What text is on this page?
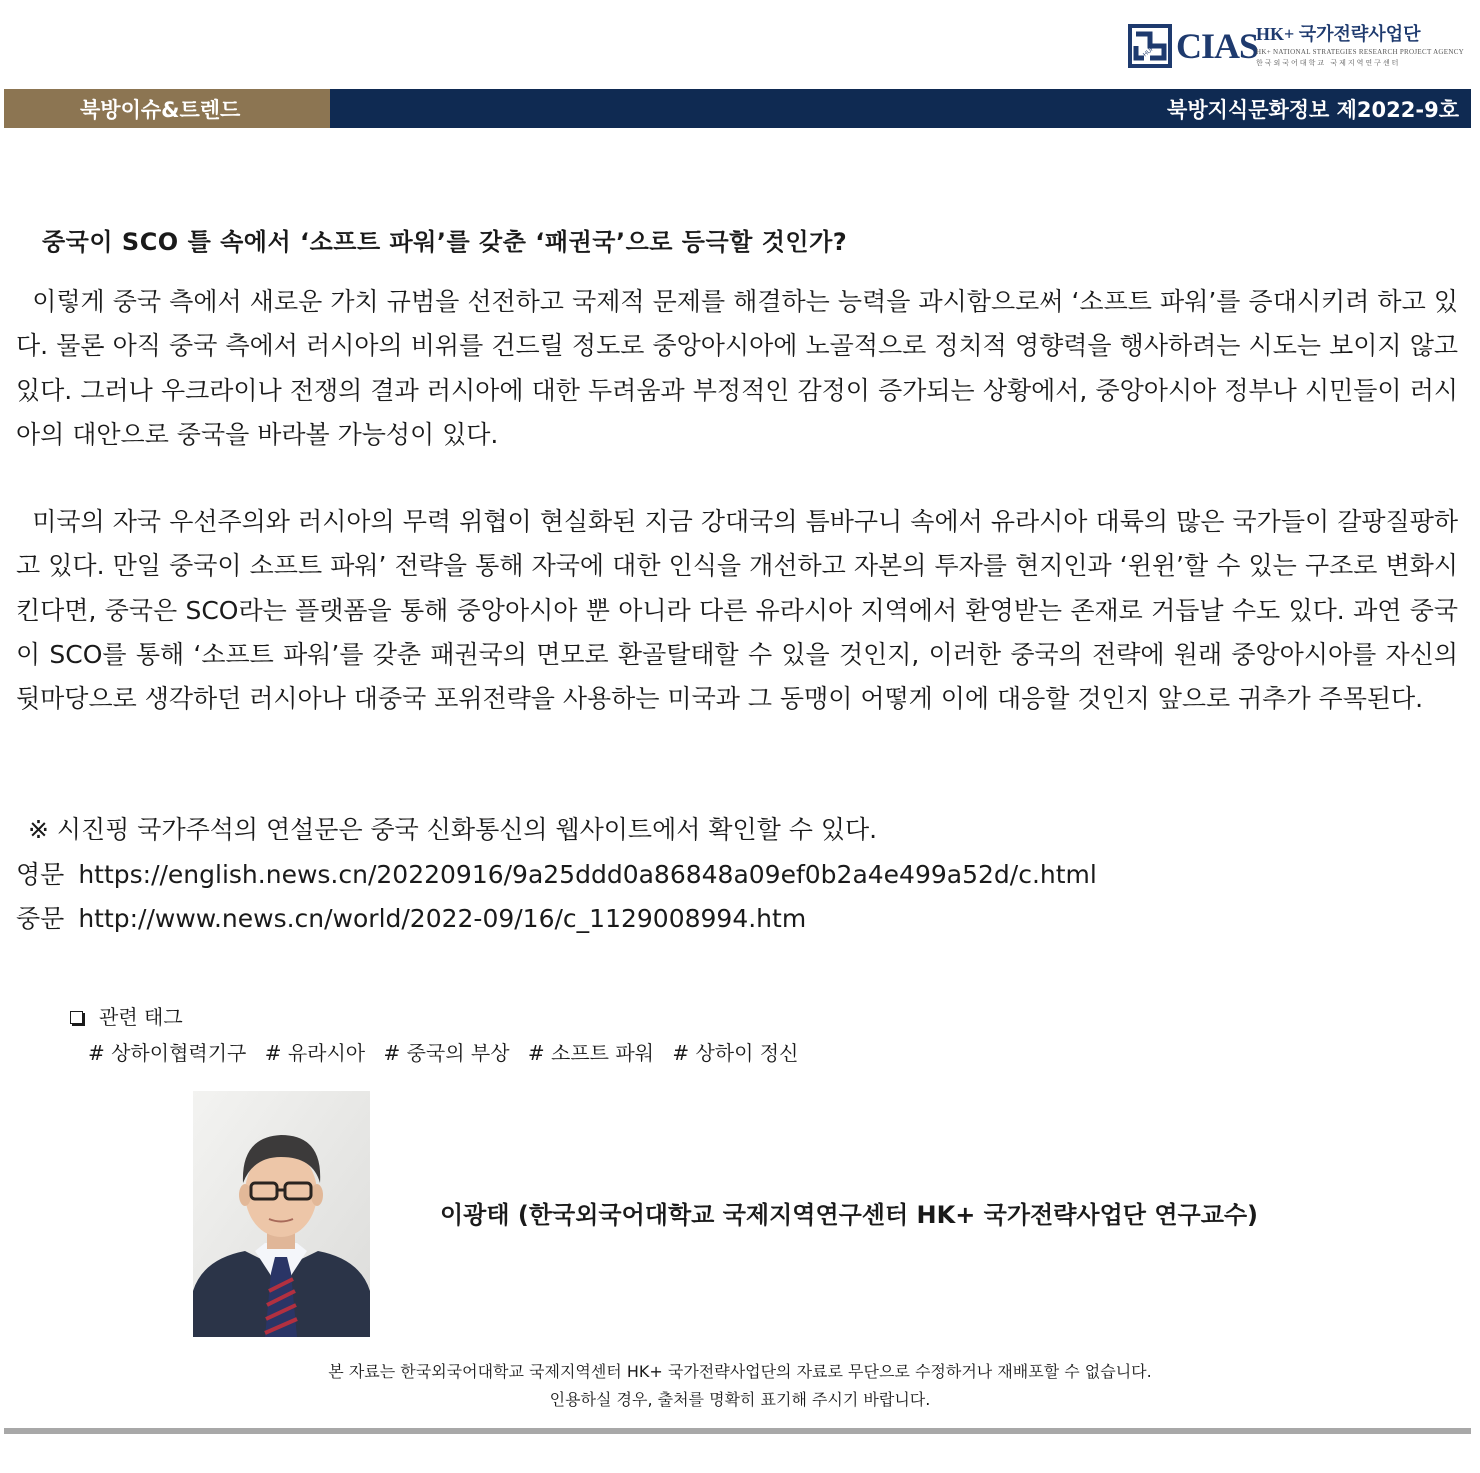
HUFS CIAS
HK+ 국가전략사업단
HK+ NATIONAL STRATEGIES RESEARCH PROJECT AGENCY
한국외국어대학교 국제지역연구센터
북방이슈&트렌드	북방지식문화정보 제2022-9호
중국이 SCO 틀 속에서 ‘소프트 파워’를 갖춘 ‘패권국’으로 등극할 것인가?

이렇게 중국 측에서 새로운 가치 규범을 선전하고 국제적 문제를 해결하는 능력을 과시함으로써 ‘소프트 파워’를 증대시키려 하고 있다. 물론 아직 중국 측에서 러시아의 비위를 건드릴 정도로 중앙아시아에 노골적으로 정치적 영향력을 행사하려는 시도는 보이지 않고 있다. 그러나 우크라이나 전쟁의 결과 러시아에 대한 두려움과 부정적인 감정이 증가되는 상황에서, 중앙아시아 정부나 시민들이 러시아의 대안으로 중국을 바라볼 가능성이 있다.

미국의 자국 우선주의와 러시아의 무력 위협이 현실화된 지금 강대국의 틈바구니 속에서 유라시아 대륙의 많은 국가들이 갈팡질팡하고 있다. 만일 중국이 소프트 파워’ 전략을 통해 자국에 대한 인식을 개선하고 자본의 투자를 현지인과 ‘윈윈’할 수 있는 구조로 변화시킨다면, 중국은 SCO라는 플랫폼을 통해 중앙아시아 뿐 아니라 다른 유라시아 지역에서 환영받는 존재로 거듭날 수도 있다. 과연 중국이 SCO를 통해 ‘소프트 파워’를 갖춘 패권국의 면모로 환골탈태할 수 있을 것인지, 이러한 중국의 전략에 원래 중앙아시아를 자신의 뒷마당으로 생각하던 러시아나 대중국 포위전략을 사용하는 미국과 그 동맹이 어떻게 이에 대응할 것인지 앞으로 귀추가 주목된다.

※ 시진핑 국가주석의 연설문은 중국 신화통신의 웹사이트에서 확인할 수 있다.
영문 https://english.news.cn/20220916/9a25ddd0a86848a09ef0b2a4e499a52d/c.html
중문 http://www.news.cn/world/2022-09/16/c_1129008994.htm
관련 태그
# 상하이협력기구 # 유라시아 # 중국의 부상 # 소프트 파워 # 상하이 정신
이광태 (한국외국어대학교 국제지역연구센터 HK+ 국가전략사업단 연구교수)
본 자료는 한국외국어대학교 국제지역센터 HK+ 국가전략사업단의 자료로 무단으로 수정하거나 재배포할 수 없습니다.
인용하실 경우, 출처를 명확히 표기해 주시기 바랍니다.
